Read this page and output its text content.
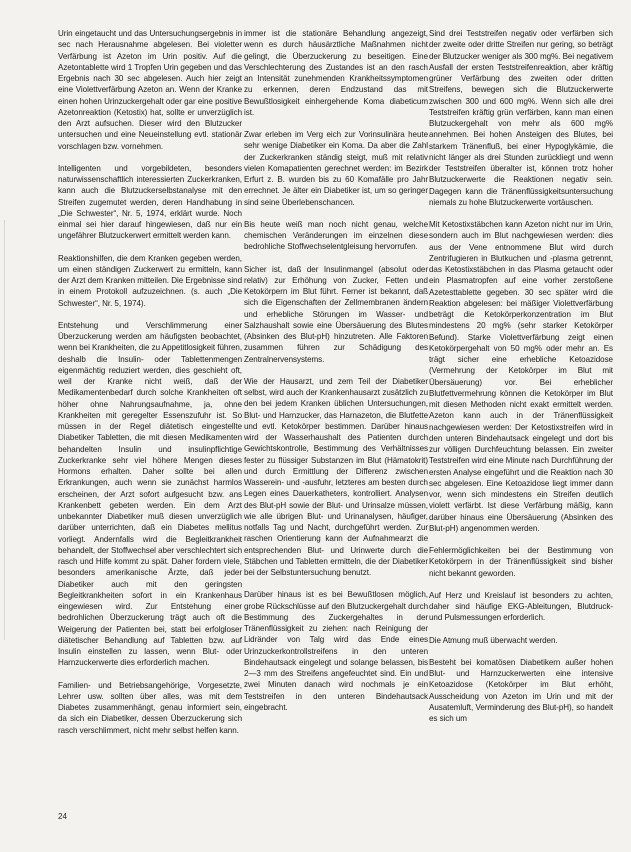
Urin eingetaucht und das Untersuchungsergebnis in sec nach Herausnahme abgelesen. Bei violetter Verfärbung ist Azeton im Urin positiv. Auf die Azetontablette wird 1 Tropfen Urin gegeben und das Ergebnis nach 30 sec abgelesen. Auch hier zeigt eine Violettverfärbung Azeton an. Wenn der Kranke einen hohen Urinzuckergehalt oder gar eine positive Azetonreaktion (Ketostix) hat, sollte er unverzüglich den Arzt aufsuchen. Dieser wird den Blutzucker untersuchen und eine Neueinstellung evtl. stationär vorschlagen bzw. vornehmen.

Intelligenten und vorgebildeten, besonders naturwissenschaftlich interessierten Zuckerkranken, kann auch die Blutzuckerselbstanalyse mit den Streifen zugemutet werden, deren Handhabung in „Die Schwester“, Nr. 5, 1974, erklärt wurde. Noch einmal sei hier darauf hingewiesen, daß nur ein ungefährer Blutzuckerwert ermittelt werden kann.

Reaktionshilfen, die dem Kranken gegeben werden, um einen ständigen Zuckerwert zu ermitteln, kann der Arzt dem Kranken mitteilen. Die Ergebnisse sind in einem Protokoll aufzuzeichnen. (s. auch „Die Schwester“, Nr. 5, 1974).

Entstehung und Verschlimmerung einer Überzuckerung werden am häufigsten beobachtet, wenn bei Krankheiten, die zu Appetitlosigkeit führen, deshalb die Insulin- oder Tablettenmengen eigenmächtig reduziert werden, dies geschieht oft, weil der Kranke nicht weiß, daß der Medikamentenbedarf durch solche Krankheiten oft höher ohne Nahrungsaufnahme, ja, ohne Krankheiten mit geregelter Essenszufuhr ist. So müssen in der Regel diätetisch eingestellte Diabetiker Tabletten, die mit diesen Medikamenten behandelten Insulin und insulinpflichtige Zuckerkranke sehr viel höhere Mengen dieses Hormons erhalten. Daher sollte bei allen Erkrankungen, auch wenn sie zunächst harmlos erscheinen, der Arzt sofort aufgesucht bzw. ans Krankenbett gebeten werden. Ein dem Arzt unbekannter Diabetiker muß diesen unverzüglich darüber unterrichten, daß ein Diabetes mellitus vorliegt. Andernfalls wird die Begleitkrankheit behandelt, der Stoffwechsel aber verschlechtert sich rasch und Hilfe kommt zu spät. Daher fordern viele, besonders amerikanische Ärzte, daß jeder Diabetiker auch mit den geringsten Begleitkrankheiten sofort in ein Krankenhaus eingewiesen wird. Zur Entstehung einer bedrohlichen Überzuckerung trägt auch oft die Weigerung der Patienten bei, statt bei erfolgloser diätetischer Behandlung auf Tabletten bzw. auf Insulin einstellen zu lassen, wenn Blut- oder Harnzuckerwerte dies erforderlich machen.

Familien- und Betriebsangehörige, Vorgesetzte, Lehrer usw. sollten über alles, was mit dem Diabetes zusammenhängt, genau informiert sein, da sich ein Diabetiker, dessen Überzuckerung sich rasch verschlimmert, nicht mehr selbst helfen kann.

immer ist die stationäre Behandlung angezeigt, wenn es durch häusärztliche Maßnahmen nicht gelingt, die Überzuckerung zu beseitigen. Eine Verschlechterung des Zustandes ist an den rasch an Intensität zunehmenden Krankheitssymptomen zu erkennen, deren Endzustand das mit Bewußtlosigkeit einhergehende Koma diabeticum ist.

Zwar erleben im Verg eich zur Vorinsulinära heute sehr wenige Diabetiker ein Koma. Da aber die Zahl der Zuckerkranken ständig steigt, muß mit relativ vielen Komapatienten gerechnet werden: im Bezirk Erfurt z. B. wurden bis zu 60 Komafälle pro Jahr errechnet. Je älter ein Diabetiker ist, um so geringer sind seine Überlebenschancen.

Bis heute weiß man noch nicht genau, welche chemischen Veränderungen im einzelnen diese bedrohliche Stoffwechselentgleisung hervorrufen.

Sicher ist, daß der Insulinmangel (absolut oder relativ) zur Erhöhung von Zucker, Fetten und Ketokörpern im Blut führt. Ferner ist bekannt, daß sich die Eigenschaften der Zellmembranen ändern und erhebliche Störungen im Wasser- und Salzhaushalt sowie eine Übersäuerung des Blutes (Absinken des Blut-pH) hinzutreten. Alle Faktoren zusammen führen zur Schädigung des Zentralnervensystems.

Wie der Hausarzt, und zem Teil der Diabetiker selbst, wird auch der Krankenhausarzt zusätzlich zu den bei jedem Kranken üblichen Untersuchungen, Blut- und Harnzucker, das Harnazeton, die Blutfette und evtl. Ketokörper bestimmen. Darüber hinaus wird der Wasserhaushalt des Patienten durch Gewichtskontrolle, Bestimmung des Verhältnisses fester zu flüssiger Substanzen im Blut (Hämatokrit) und durch Ermittlung der Differenz zwischen Wasserein- und -ausfuhr, letzteres am besten durch Legen eines Dauerkatheters, kontrolliert. Analysen des Blut-pH sowie der Blut- und Urinsalze müssen, wie alle übrigen Blut- und Urinanalysen, häufiger, notfalls Tag und Nacht, durchgeführt werden. Zur raschen Orientierung kann der Aufnahmearzt die entsprechenden Blut- und Urinwerte durch die Stäbchen und Tabletten ermitteln, die der Diabetiker bei der Selbstuntersuchung benutzt.

Darüber hinaus ist es bei Bewußtlosen möglich, grobe Rückschlüsse auf den Blutzuckergehalt durch Bestimmung des Zuckergehaltes in der Tränenflüssigkeit zu ziehen: nach Reinigung der Lidränder von Talg wird das Ende eines Urinzuckerkontrollstreifens in den unteren Bindehautsack eingelegt und solange belassen, bis 2—3 mm des Streifens angefeuchtet sind. Ein und zwei Minuten danach wird nochmals je ein Teststreifen in den unteren Bindehautsack eingebracht.

Sind drei Teststreifen negativ oder verfärben sich der zweite oder dritte Streifen nur gering, so beträgt der Blutzucker weniger als 300 mg%. Bei negativem Ausfall der ersten Teststreifenreaktion, aber kräftig grüner Verfärbung des zweiten oder dritten Streifens, bewegen sich die Blutzuckerwerte zwischen 300 und 600 mg%. Wenn sich alle drei Teststreifen kräftig grün verfärben, kann man einen Blutzuckergehalt von mehr als 600 mg% annehmen. Bei hohen Ansteigen des Blutes, bei starkem Tränenfluß, bei einer Hypoglykämie, die nicht länger als drei Stunden zurückliegt und wenn der Teststreifen überalter ist, können trotz hoher Blutzuckerwerte die Reaktionen negativ sein. Dagegen kann die Tränenflüssigkeitsuntersuchung niemals zu hohe Blutzuckerwerte vortäuschen.

Mit Ketostixstäbchen kann Azeton nicht nur im Urin, sondern auch im Blut nachgewiesen werden: dies aus der Vene entnommene Blut wird durch Zentrifugieren in Blutkuchen und -plasma getrennt, das Ketostixstäbchen in das Plasma getaucht oder ein Plasmatropfen auf eine vorher zerstoßene Azetesttablette gegeben. 30 sec später wird die Reaktion abgelesen: bei mäßiger Violettverfärbung beträgt die Ketokörperkonzentration im Blut mindestens 20 mg% (sehr starker Ketokörper Befund). Starke Violettverfärbung zeigt einen Ketokörpergehalt von 50 mg% oder mehr an. Es trägt sicher eine erhebliche Ketoazidose (Vermehrung der Ketokörper im Blut mit Übersäuerung) vor. Bei erheblicher Blutfettvermehrung können die Ketokörper im Blut mit diesen Methoden nicht exakt ermittelt werden. Azeton kann auch in der Tränenflüssigkeit nachgewiesen werden: Der Ketostixstreifen wird in den unteren Bindehautsack eingelegt und dort bis zur völligen Durchfeuchtung belassen. Ein zweiter Teststreifen wird eine Minute nach Durchführung der ersten Analyse eingeführt und die Reaktion nach 30 sec abgelesen. Eine Ketoazidose liegt immer dann vor, wenn sich mindestens ein Streifen deutlich violett verfärbt. Ist diese Verfärbung mäßig, kann darüber hinaus eine Übersäuerung (Absinken des Blut-pH) angenommen werden.

Fehlermöglichkeiten bei der Bestimmung von Ketokörpern in der Tränenflüssigkeit sind bisher nicht bekannt geworden.

Auf Herz und Kreislauf ist besonders zu achten, daher sind häufige EKG-Ableitungen, Blutdruck- und Pulsmessungen erforderlich.

Die Atmung muß überwacht werden.

Besteht bei komatösen Diabetikern außer hohen Blut- und Harnzuckerwerten eine intensive Ketoazidose (Ketokörper im Blut erhöht, Ausscheidung von Azeton im Urin und mit der Ausatemluft, Verminderung des Blut-pH), so handelt es sich um

24
